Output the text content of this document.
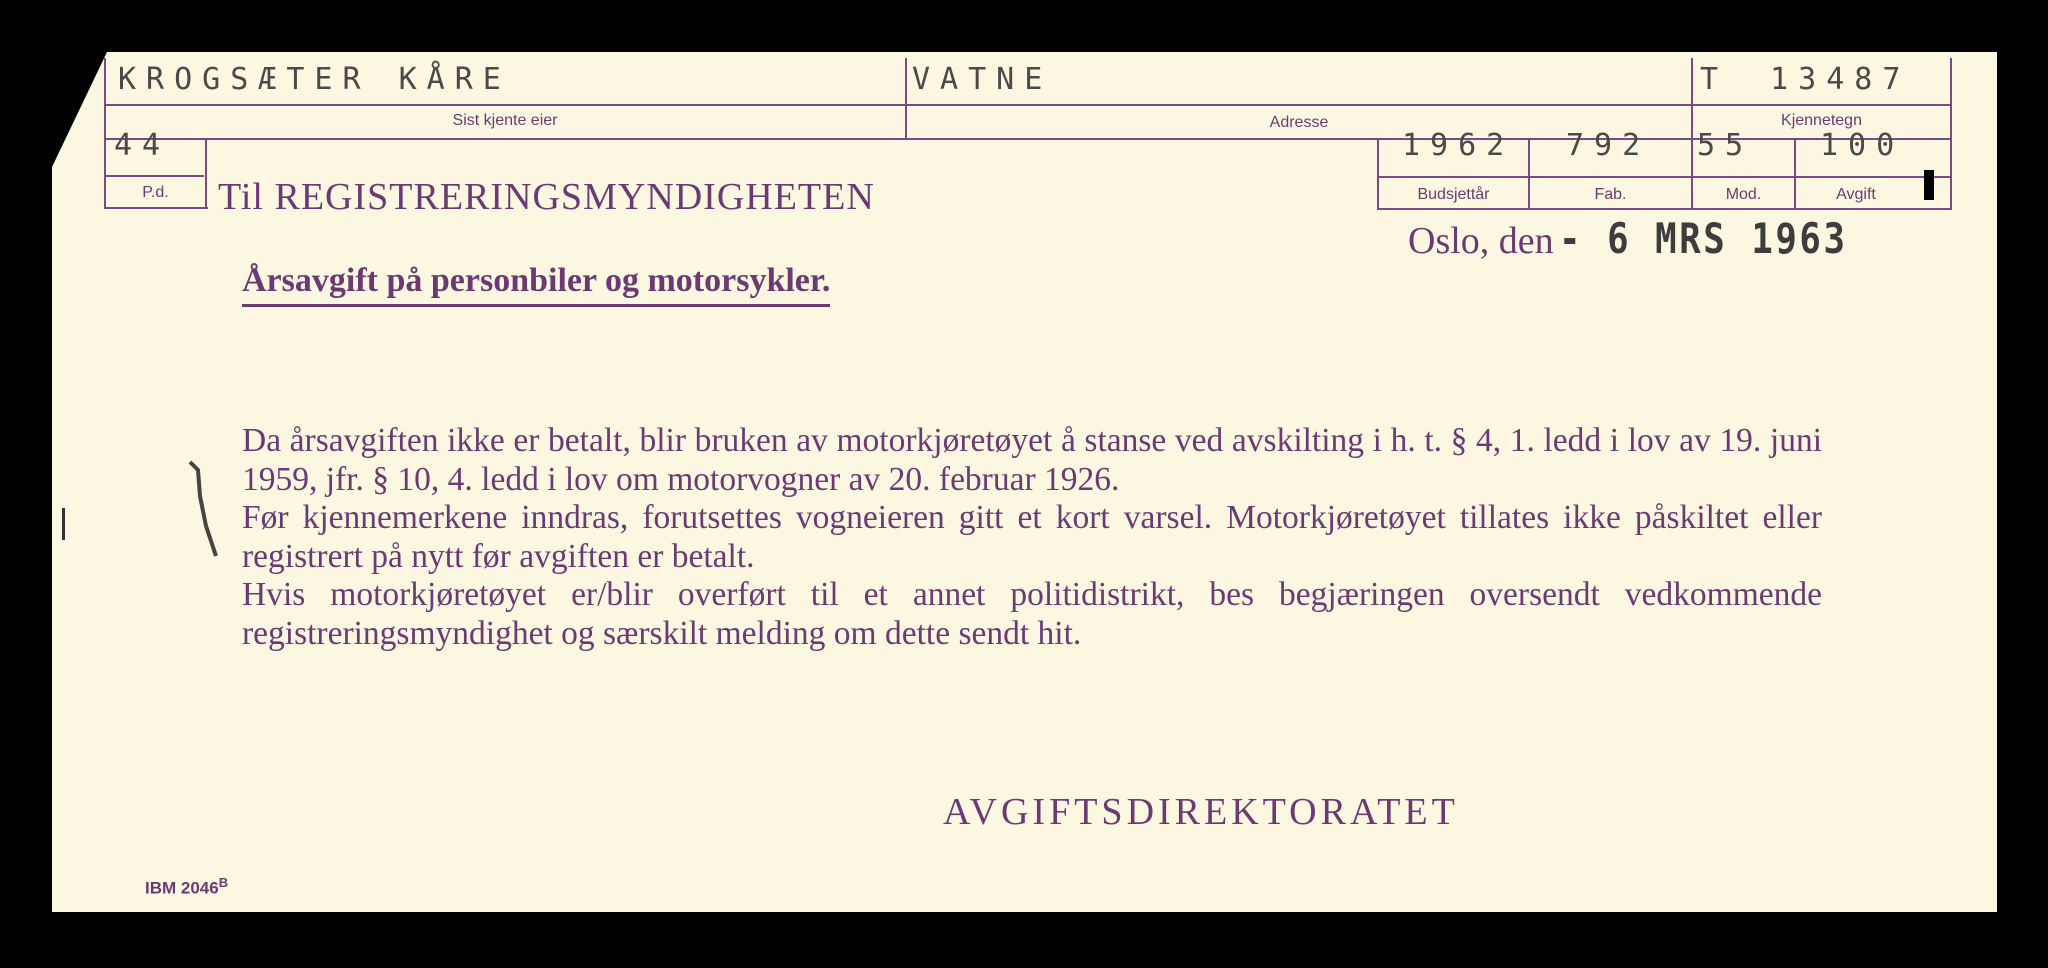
KROGSÆTER KÅRE	VATNE	T 13487
44	1962 792 55 100
Sist kjente eier	Adresse	Kjennetegn
P.d.	Budsjettår	Fab.	Mod.	Avgift
Til REGISTRERINGSMYNDIGHETEN
Oslo, den - 6 MRS 1963
Årsavgift på personbiler og motorsykler.

Da årsavgiften ikke er betalt, blir bruken av motorkjøretøyet å stanse ved avskilting i h. t. § 4, 1. ledd i lov av 19. juni 1959, jfr. § 10, 4. ledd i lov om motorvogner av 20. februar 1926.

Før kjennemerkene inndras, forutsettes vogneieren gitt et kort varsel. Motorkjøretøyet tillates ikke påskiltet eller registrert på nytt før avgiften er betalt.

Hvis motorkjøretøyet er/blir overført til et annet politidistrikt, bes begjæringen oversendt vedkommende registreringsmyndighet og særskilt melding om dette sendt hit.

AVGIFTSDIREKTORATET
IBM $2046^B$
